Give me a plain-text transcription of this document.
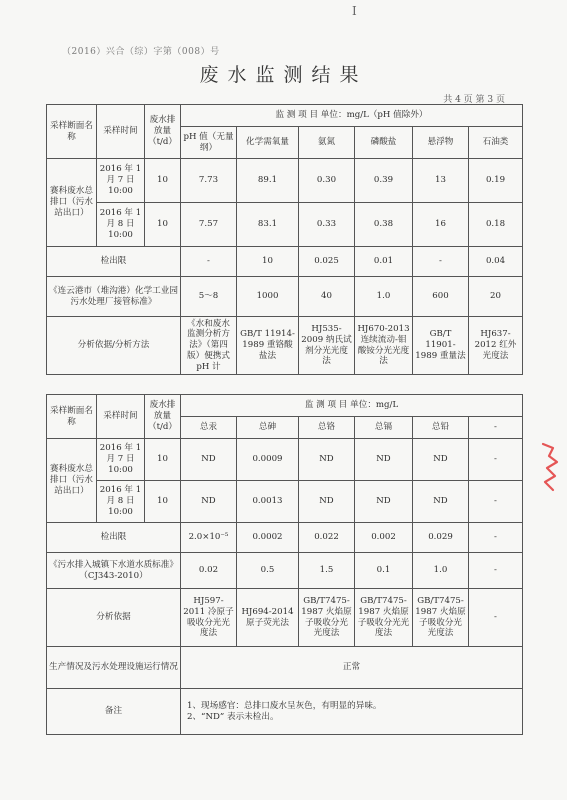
I
（2016）兴合（综）字第（008）号
废水监测结果
共 4 页 第 3 页
采样断面名称	采样时间	废水排放量（t/d）	监 测 项 目 单位：mg/L（pH 值除外）					
			pH 值（无量纲）	化学需氧量	氨氮	磷酸盐	悬浮物	石油类
赛科废水总排口（污水站出口）	2016 年 1 月 7 日 10:00	10	7.73	89.1	0.30	0.39	13	0.19
	2016 年 1 月 8 日 10:00	10	7.57	83.1	0.33	0.38	16	0.18
检出限			-	10	0.025	0.01	-	0.04
《连云港市（堆沟港）化学工业园污水处理厂接管标准》			5～8	1000	40	1.0	600	20
分析依据/分析方法			《水和废水监测分析方法》（第四版）便携式 pH 计	GB/T 11914-1989 重铬酸盐法	HJ535-2009 纳氏试剂分光光度法	HJ670-2013 连续流动-钼酸铵分光光度法	GB/T 11901-1989 重量法	HJ637-2012 红外光度法
采样断面名称	采样时间	废水排放量（t/d）	监 测 项 目 单位：mg/L					
			总汞	总砷	总铬	总镉	总铅	-
赛科废水总排口（污水站出口）	2016 年 1 月 7 日 10:00	10	ND	0.0009	ND	ND	ND	-
	2016 年 1 月 8 日 10:00	10	ND	0.0013	ND	ND	ND	-
检出限			2.0×10⁻⁵	0.0002	0.022	0.002	0.029	-
《污水排入城镇下水道水质标准》（CJ343-2010）			0.02	0.5	1.5	0.1	1.0	-
分析依据			HJ597-2011 冷原子吸收分光光度法	HJ694-2014 原子荧光法	GB/T7475-1987 火焰原子吸收分光光度法	GB/T7475-1987 火焰原子吸收分光光度法	GB/T7475-1987 火焰原子吸收分光光度法	-
生产情况及污水处理设施运行情况			正常					
备注			1、现场感官：总排口废水呈灰色，有明显的异味。
2、“ND” 表示未检出。					
